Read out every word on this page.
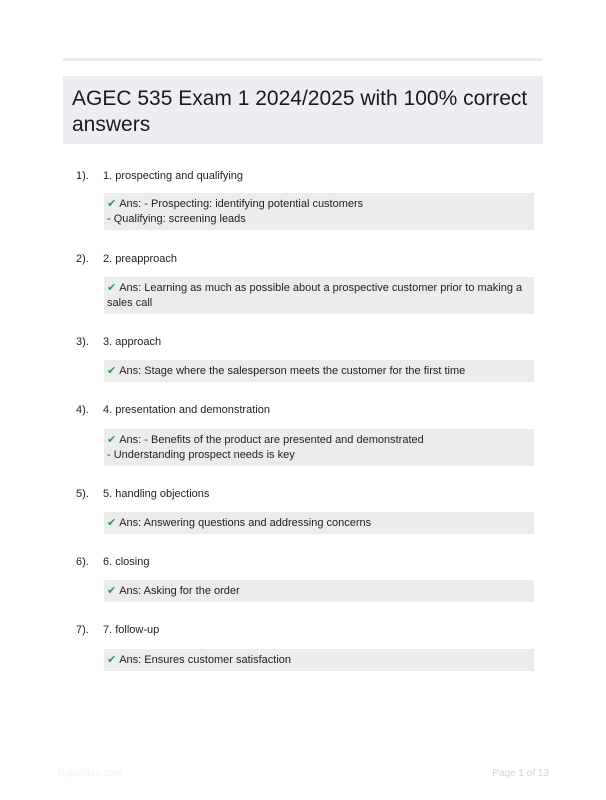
AGEC 535 Exam 1 2024/2025 with 100% correct answers
1). 1. prospecting and qualifying
✔ Ans: - Prospecting: identifying potential customers
- Qualifying: screening leads
2). 2. preapproach
✔ Ans: Learning as much as possible about a prospective customer prior to making a
sales call
3). 3. approach
✔ Ans: Stage where the salesperson meets the customer for the first time
4). 4. presentation and demonstration
✔ Ans: - Benefits of the product are presented and demonstrated
- Understanding prospect needs is key
5). 5. handling objections
✔ Ans: Answering questions and addressing concerns
6). 6. closing
✔ Ans: Asking for the order
7). 7. follow-up
✔ Ans: Ensures customer satisfaction
Papertbic.com	Page 1 of 13
